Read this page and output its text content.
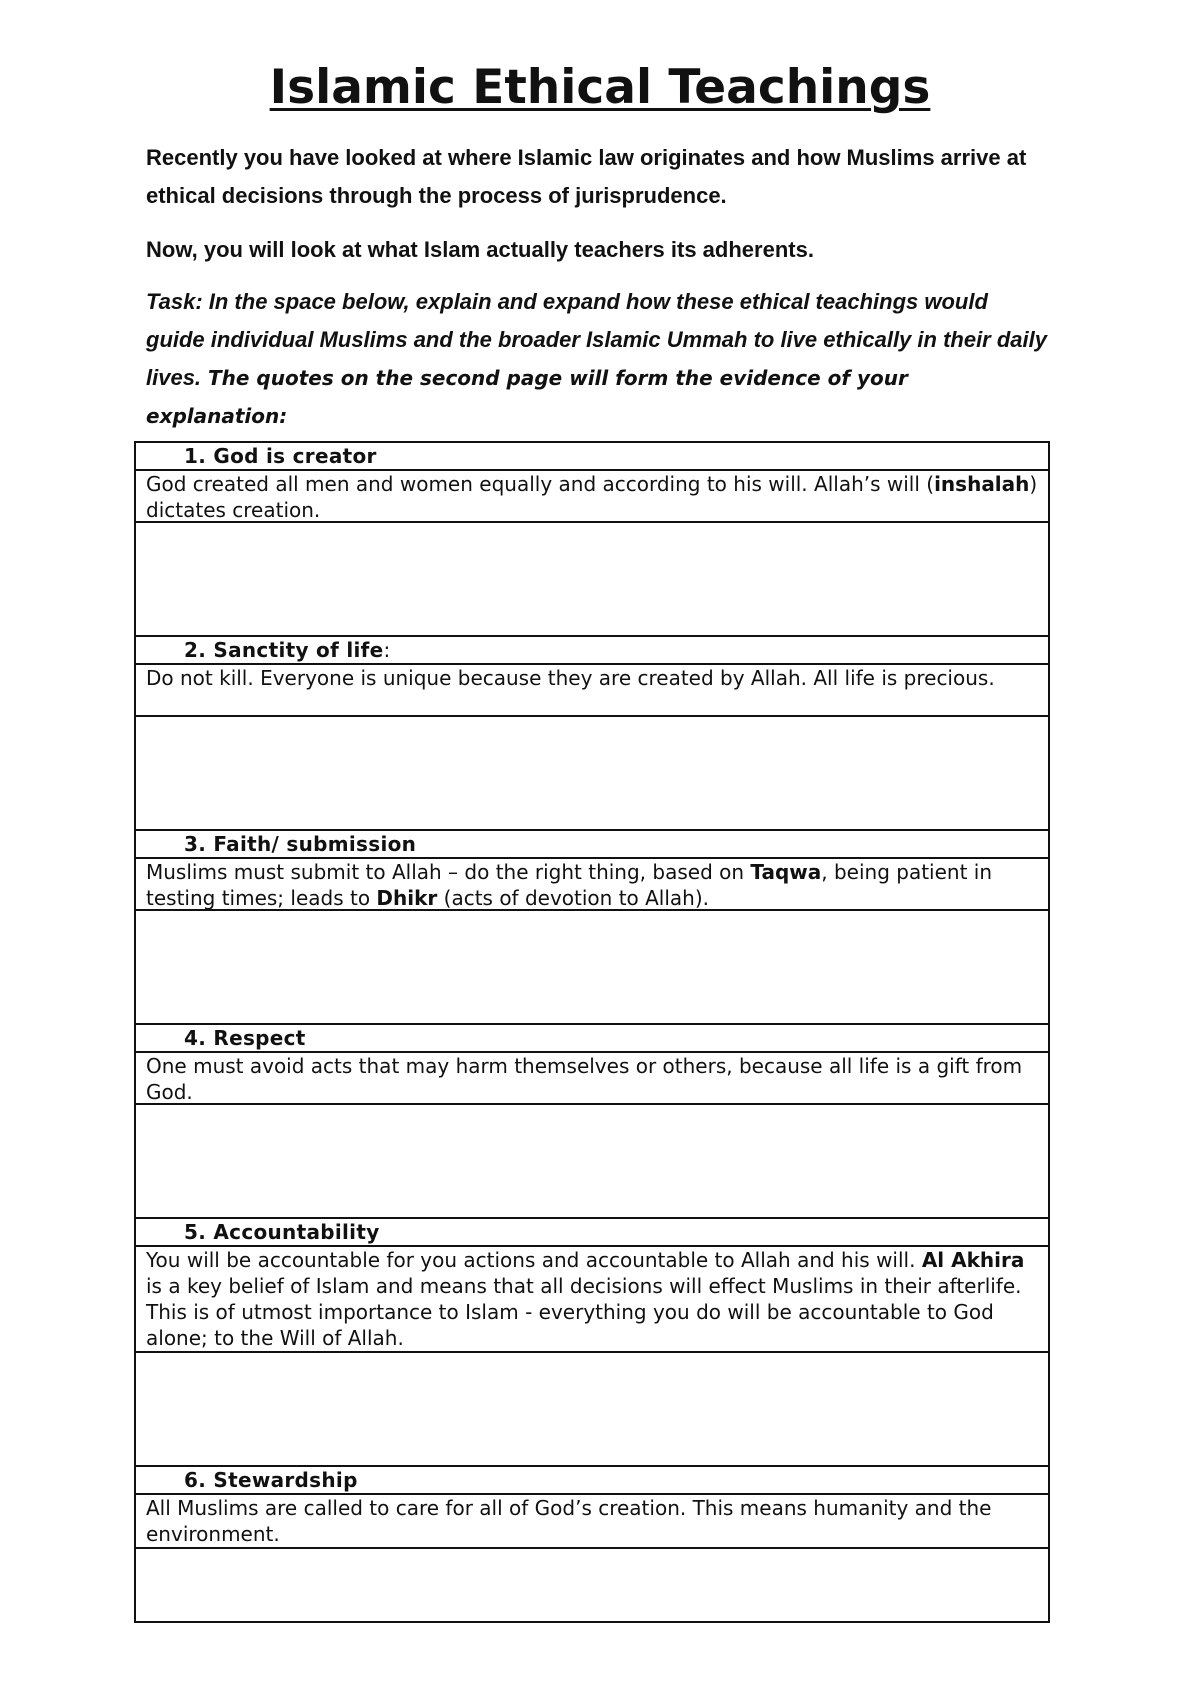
Islamic Ethical Teachings

Recently you have looked at where Islamic law originates and how Muslims arrive at ethical decisions through the process of jurisprudence.

Now, you will look at what Islam actually teachers its adherents.

Task: In the space below, explain and expand how these ethical teachings would guide individual Muslims and the broader Islamic Ummah to live ethically in their daily lives. The quotes on the second page will form the evidence of your explanation:

1. God is creator
God created all men and women equally and according to his will. Allah’s will (inshalah) dictates creation.
2. Sanctity of life:
Do not kill. Everyone is unique because they are created by Allah. All life is precious.
3. Faith/ submission
Muslims must submit to Allah – do the right thing, based on Taqwa, being patient in testing times; leads to Dhikr (acts of devotion to Allah).
4. Respect
One must avoid acts that may harm themselves or others, because all life is a gift from God.
5. Accountability
You will be accountable for you actions and accountable to Allah and his will. Al Akhira is a key belief of Islam and means that all decisions will effect Muslims in their afterlife. This is of utmost importance to Islam - everything you do will be accountable to God alone; to the Will of Allah.
6. Stewardship
All Muslims are called to care for all of God’s creation. This means humanity and the environment.
